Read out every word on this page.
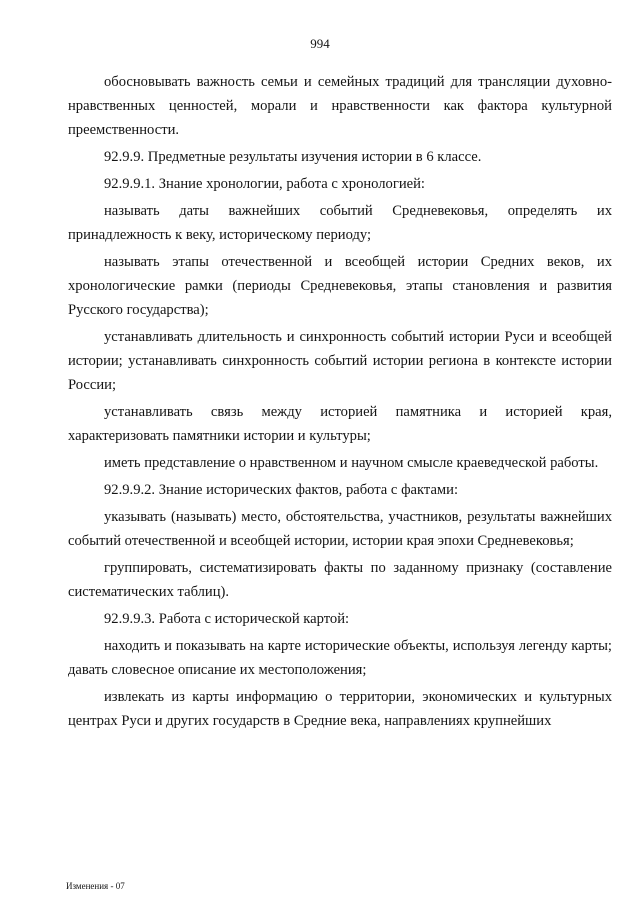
994

обосновывать важность семьи и семейных традиций для трансляции духовно-нравственных ценностей, морали и нравственности как фактора культурной преемственности.

92.9.9. Предметные результаты изучения истории в 6 классе.

92.9.9.1. Знание хронологии, работа с хронологией:

называть даты важнейших событий Средневековья, определять их принадлежность к веку, историческому периоду;

называть этапы отечественной и всеобщей истории Средних веков, их хронологические рамки (периоды Средневековья, этапы становления и развития Русского государства);

устанавливать длительность и синхронность событий истории Руси и всеобщей истории; устанавливать синхронность событий истории региона в контексте истории России;

устанавливать связь между историей памятника и историей края, характеризовать памятники истории и культуры;

иметь представление о нравственном и научном смысле краеведческой работы.

92.9.9.2. Знание исторических фактов, работа с фактами:

указывать (называть) место, обстоятельства, участников, результаты важнейших событий отечественной и всеобщей истории, истории края эпохи Средневековья;

группировать, систематизировать факты по заданному признаку (составление систематических таблиц).

92.9.9.3. Работа с исторической картой:

находить и показывать на карте исторические объекты, используя легенду карты; давать словесное описание их местоположения;

извлекать из карты информацию о территории, экономических и культурных центрах Руси и других государств в Средние века, направлениях крупнейших

Изменения - 07
